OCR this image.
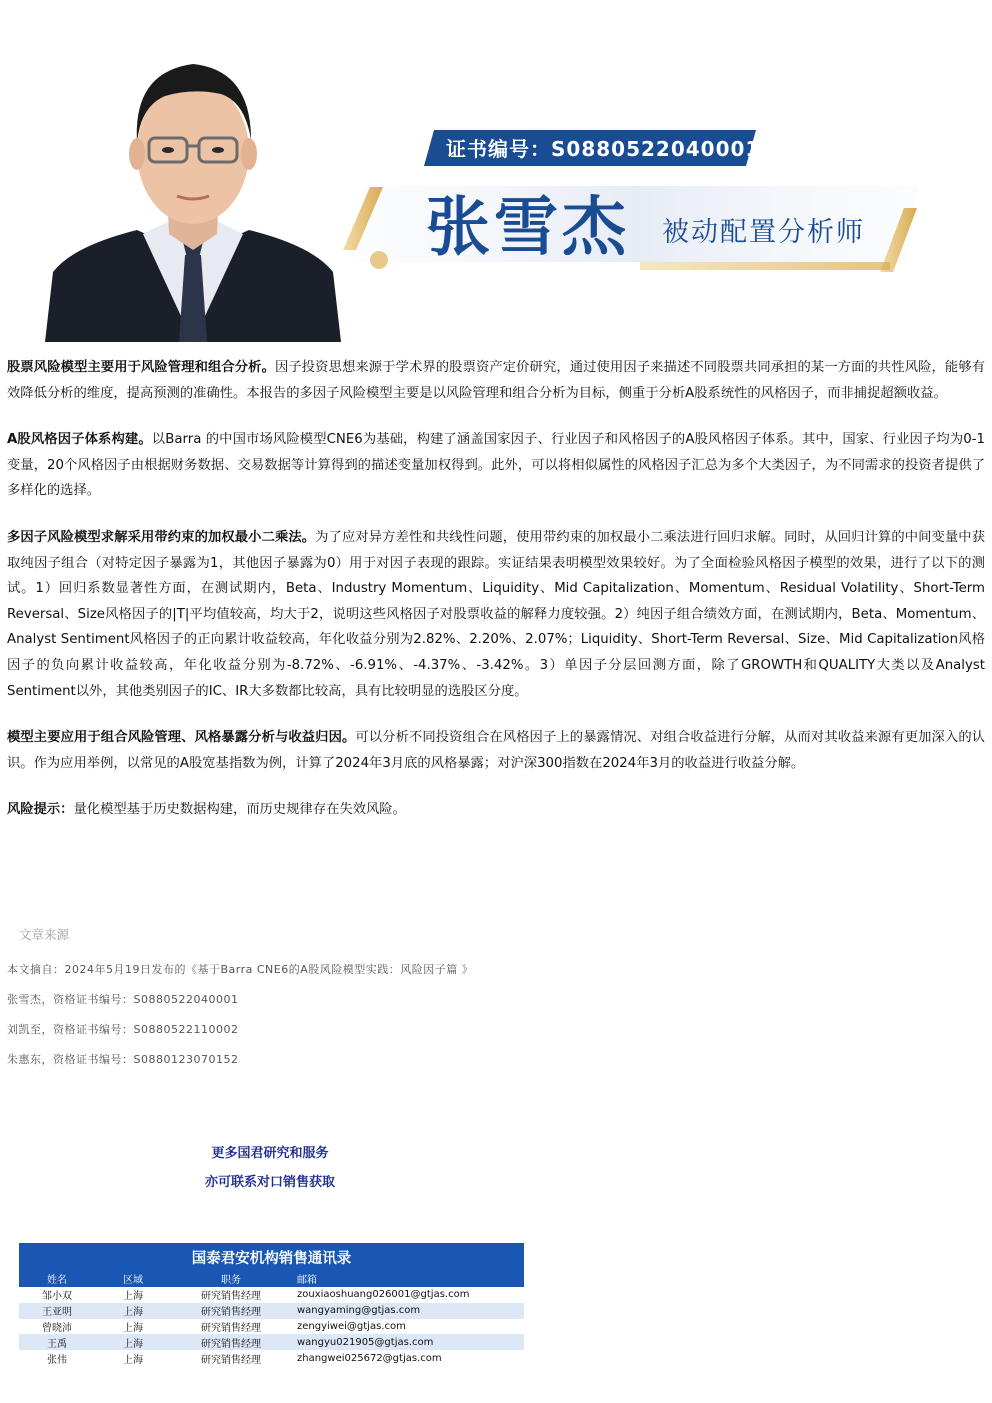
证书编号：S0880522040001
张雪杰 被动配置分析师

股票风险模型主要用于风险管理和组合分析。因子投资思想来源于学术界的股票资产定价研究，通过使用因子来描述不同股票共同承担的某一方面的共性风险，能够有效降低分析的维度，提高预测的准确性。本报告的多因子风险模型主要是以风险管理和组合分析为目标，侧重于分析A股系统性的风格因子，而非捕捉超额收益。

A股风格因子体系构建。以Barra 的中国市场风险模型CNE6为基础，构建了涵盖国家因子、行业因子和风格因子的A股风格因子体系。其中，国家、行业因子均为0-1变量，20个风格因子由根据财务数据、交易数据等计算得到的描述变量加权得到。此外，可以将相似属性的风格因子汇总为多个大类因子，为不同需求的投资者提供了多样化的选择。

多因子风险模型求解采用带约束的加权最小二乘法。为了应对异方差性和共线性问题，使用带约束的加权最小二乘法进行回归求解。同时，从回归计算的中间变量中获取纯因子组合（对特定因子暴露为1，其他因子暴露为0）用于对因子表现的跟踪。实证结果表明模型效果较好。为了全面检验风格因子模型的效果，进行了以下的测试。1）回归系数显著性方面，在测试期内，Beta、Industry Momentum、Liquidity、Mid Capitalization、Momentum、Residual Volatility、Short-Term Reversal、Size风格因子的|T|平均值较高，均大于2，说明这些风格因子对股票收益的解释力度较强。2）纯因子组合绩效方面，在测试期内，Beta、Momentum、Analyst Sentiment风格因子的正向累计收益较高，年化收益分别为2.82%、2.20%、2.07%；Liquidity、Short-Term Reversal、Size、Mid Capitalization风格因子的负向累计收益较高，年化收益分别为-8.72%、-6.91%、-4.37%、-3.42%。3）单因子分层回测方面，除了GROWTH和QUALITY大类以及Analyst Sentiment以外，其他类别因子的IC、IR大多数都比较高，具有比较明显的选股区分度。

模型主要应用于组合风险管理、风格暴露分析与收益归因。可以分析不同投资组合在风格因子上的暴露情况、对组合收益进行分解，从而对其收益来源有更加深入的认识。作为应用举例，以常见的A股宽基指数为例，计算了2024年3月底的风格暴露；对沪深300指数在2024年3月的收益进行收益分解。

风险提示：量化模型基于历史数据构建，而历史规律存在失效风险。

文章来源
本文摘自：2024年5月19日发布的《基于Barra CNE6的A股风险模型实践：风险因子篇 》
张雪杰，资格证书编号：S0880522040001
刘凯至，资格证书编号：S0880522110002
朱惠东，资格证书编号：S0880123070152
更多国君研究和服务
亦可联系对口销售获取
国泰君安机构销售通讯录
姓名	区域	职务	邮箱
邹小双	上海	研究销售经理	zouxiaoshuang026001@gtjas.com
王亚明	上海	研究销售经理	wangyaming@gtjas.com
曾晓沛	上海	研究销售经理	zengyiwei@gtjas.com
王禹	上海	研究销售经理	wangyu021905@gtjas.com
张伟	上海	研究销售经理	zhangwei025672@gtjas.com
